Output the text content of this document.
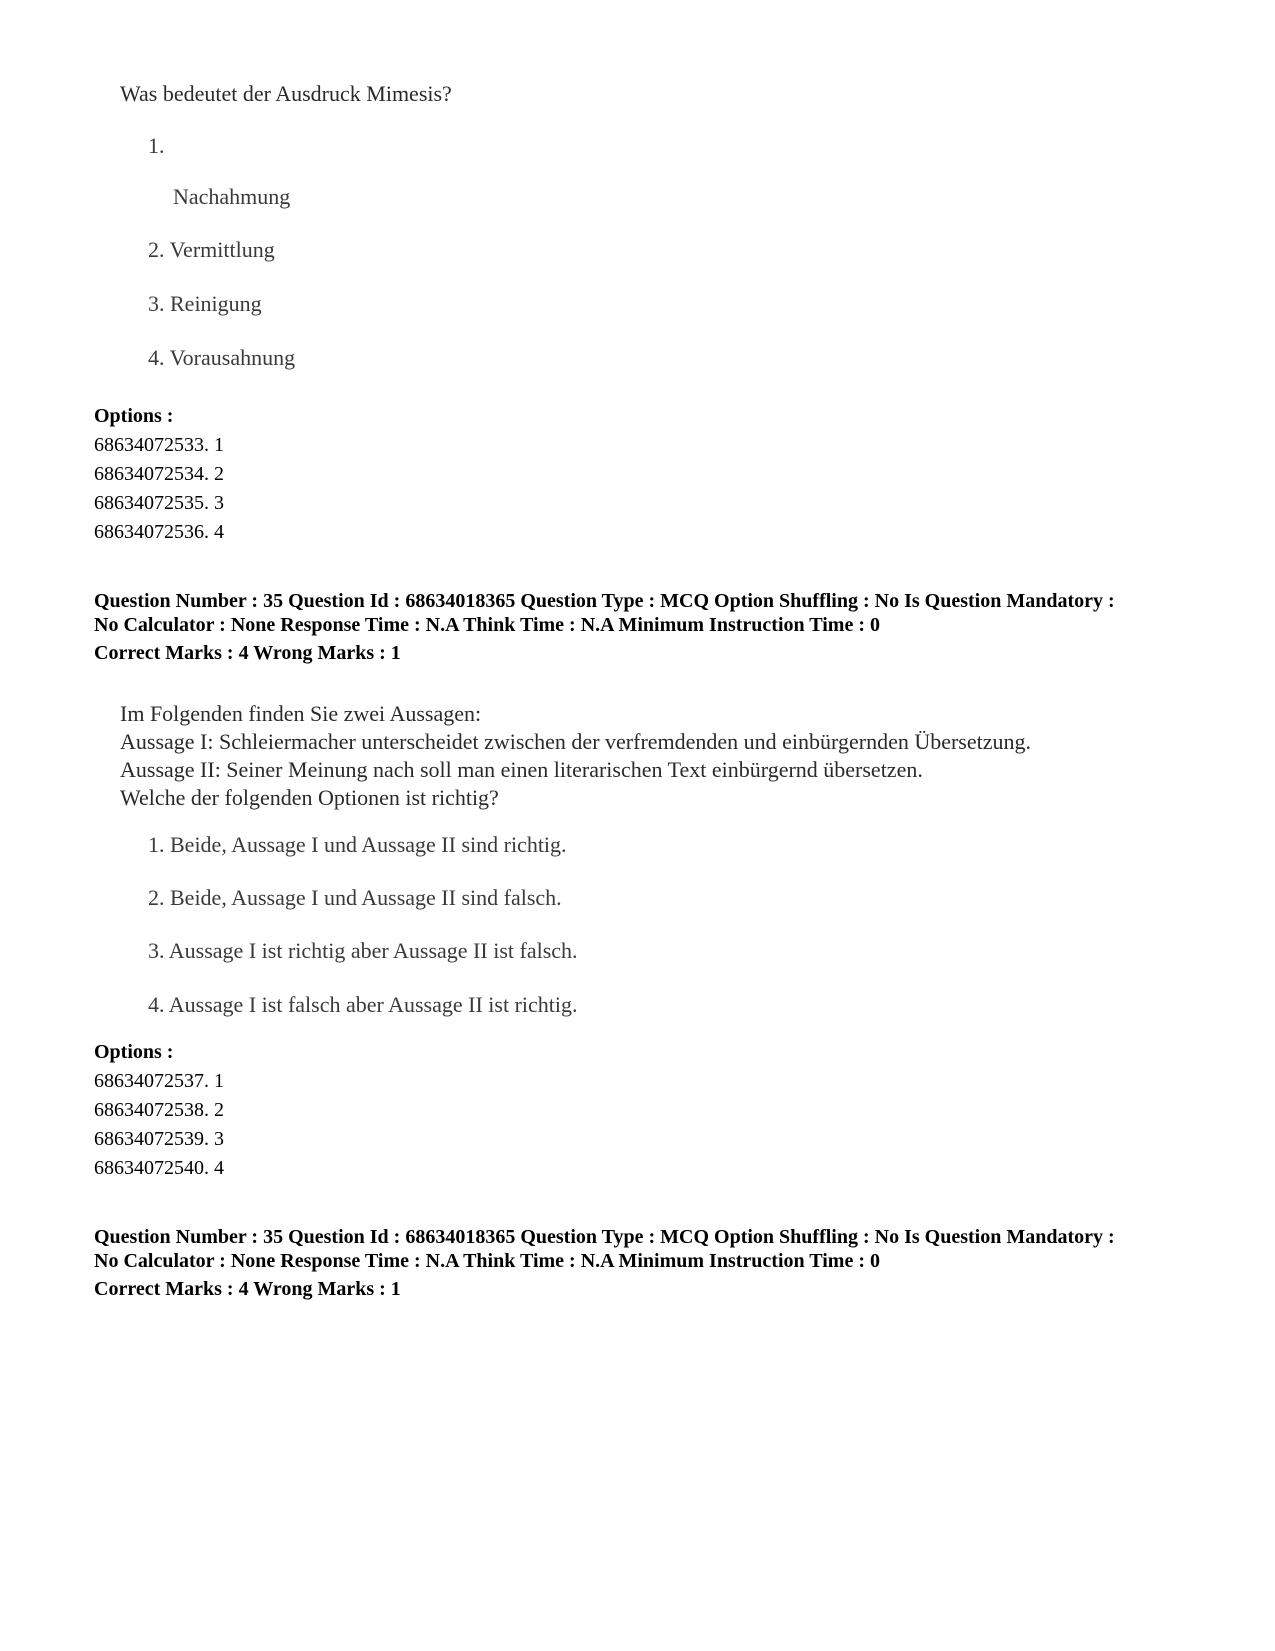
Was bedeutet der Ausdruck Mimesis?

1.

Nachahmung

2. Vermittlung

3. Reinigung

4. Vorausahnung

Options :
68634072533. 1
68634072534. 2
68634072535. 3
68634072536. 4
Question Number : 35 Question Id : 68634018365 Question Type : MCQ Option Shuffling : No Is Question Mandatory :
No Calculator : None Response Time : N.A Think Time : N.A Minimum Instruction Time : 0
Correct Marks : 4 Wrong Marks : 1
Im Folgenden finden Sie zwei Aussagen:
Aussage I: Schleiermacher unterscheidet zwischen der verfremdenden und einbürgernden Übersetzung.
Aussage II: Seiner Meinung nach soll man einen literarischen Text einbürgernd übersetzen.
Welche der folgenden Optionen ist richtig?

1. Beide, Aussage I und Aussage II sind richtig.

2. Beide, Aussage I und Aussage II sind falsch.

3. Aussage I ist richtig aber Aussage II ist falsch.

4. Aussage I ist falsch aber Aussage II ist richtig.

Options :
68634072537. 1
68634072538. 2
68634072539. 3
68634072540. 4
Question Number : 35 Question Id : 68634018365 Question Type : MCQ Option Shuffling : No Is Question Mandatory :
No Calculator : None Response Time : N.A Think Time : N.A Minimum Instruction Time : 0
Correct Marks : 4 Wrong Marks : 1
